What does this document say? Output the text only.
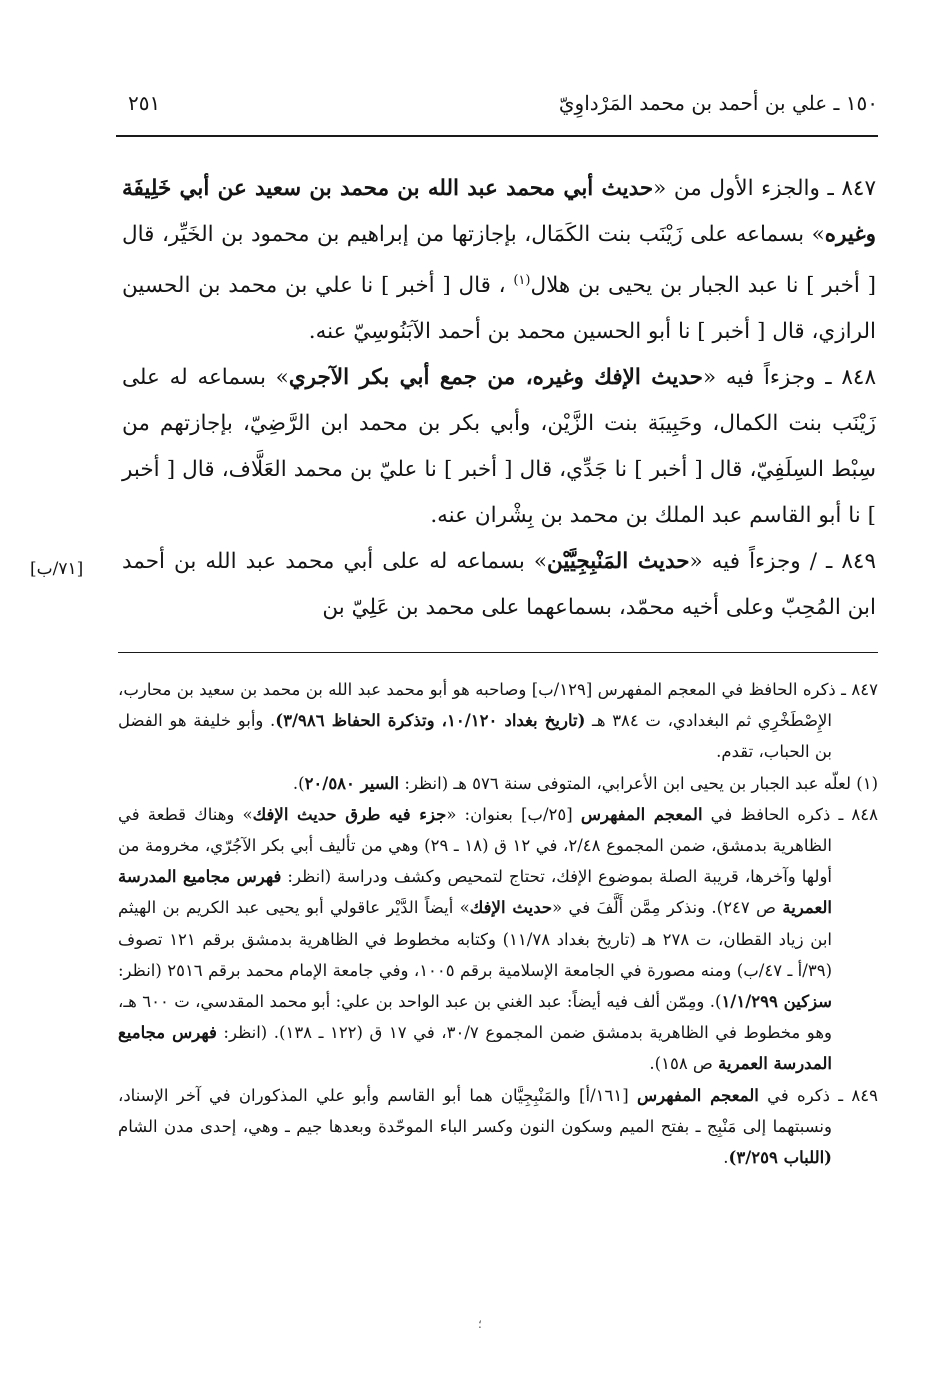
١٥٠ ـ علي بن أحمد بن محمد المَرْداوِيّ
٢٥١

٨٤٧ ـ والجزء الأول من «حديث أبي محمد عبد الله بن محمد بن سعيد عن أبي خَلِيفَة وغيره» بسماعه على زَيْنَب بنت الكَمَال، بإجازتها من إبراهيم بن محمود بن الخَيِّر، قال [ أخبر ] نا عبد الجبار بن يحيى بن هلال$^{(١)}$ ، قال [ أخبر ] نا علي بن محمد بن الحسين الرازي، قال [ أخبر ] نا أبو الحسين محمد بن أحمد الآبَنُوسِيّ عنه.

٨٤٨ ـ وجزءاً فيه «حديث الإفك وغيره، من جمع أبي بكر الآجري» بسماعه له على زَيْنَب بنت الكمال، وحَبِيبَة بنت الزَّيْن، وأبي بكر بن محمد ابن الرَّضِيّ، بإجازتهم من سِبْط السِلَفِيّ، قال [ أخبر ] نا جَدِّي، قال [ أخبر ] نا عليّ بن محمد العَلَّاف، قال [ أخبر ] نا أبو القاسم عبد الملك بن محمد بن بِشْران عنه.

٨٤٩ ـ / وجزءاً فيه «حديث المَنْبِجِيَّيْن» بسماعه له على أبي محمد عبد الله بن أحمد ابن المُحِبّ وعلى أخيه محمّد، بسماعهما على محمد بن عَلِيّ بن

[٧١/ب]

٨٤٧ ـ ذكره الحافظ في المعجم المفهرس [١٢٩/ب] وصاحبه هو أبو محمد عبد الله بن محمد بن سعيد بن محارب، الإِصْطَخْرِي ثم البغدادي، ت ٣٨٤ هـ (تاريخ بغداد ١٠/١٢٠، وتذكرة الحفاظ ٣/٩٨٦). وأبو خليفة هو الفضل بن الحباب، تقدم.

(١) لعلّه عبد الجبار بن يحيى ابن الأعرابي، المتوفى سنة ٥٧٦ هـ (انظر: السير ٢٠/٥٨٠).

٨٤٨ ـ ذكره الحافظ في المعجم المفهرس [٢٥/ب] بعنوان: «جزء فيه طرق حديث الإفك» وهناك قطعة في الظاهرية بدمشق، ضمن المجموع ٢/٤٨، في ١٢ ق (١٨ ـ ٢٩) وهي من تأليف أبي بكر الآجُرّي، مخرومة من أولها وآخرها، قريبة الصلة بموضوع الإفك، تحتاج لتمحيص وكشف ودراسة (انظر: فهرس مجاميع المدرسة العمرية ص ٢٤٧). ونذكر مِمَّن أَلَّفَ في «حديث الإفك» أيضاً الدَّيْر عاقولي أبو يحيى عبد الكريم بن الهيثم ابن زياد القطان، ت ٢٧٨ هـ (تاريخ بغداد ١١/٧٨) وكتابه مخطوط في الظاهرية بدمشق برقم ١٢١ تصوف (٣٩/أ ـ ٤٧/ب) ومنه مصورة في الجامعة الإسلامية برقم ١٠٠٥، وفي جامعة الإمام محمد برقم ٢٥١٦ (انظر: سزكين ١/١/٢٩٩). ومِمّن ألف فيه أيضاً: عبد الغني بن عبد الواحد بن علي: أبو محمد المقدسي، ت ٦٠٠ هـ، وهو مخطوط في الظاهرية بدمشق ضمن المجموع ٣٠/٧، في ١٧ ق (١٢٢ ـ ١٣٨). (انظر: فهرس مجاميع المدرسة العمرية ص ١٥٨).

٨٤٩ ـ ذكره في المعجم المفهرس [١٦١/أ] والمَنْبِجِيَّان هما أبو القاسم وأبو علي المذكوران في آخر الإسناد، ونسبتهما إلى مَنْبِج ـ بفتح الميم وسكون النون وكسر الباء الموحّدة وبعدها جيم ـ وهي، إحدى مدن الشام (اللباب ٣/٢٥٩).

؛
